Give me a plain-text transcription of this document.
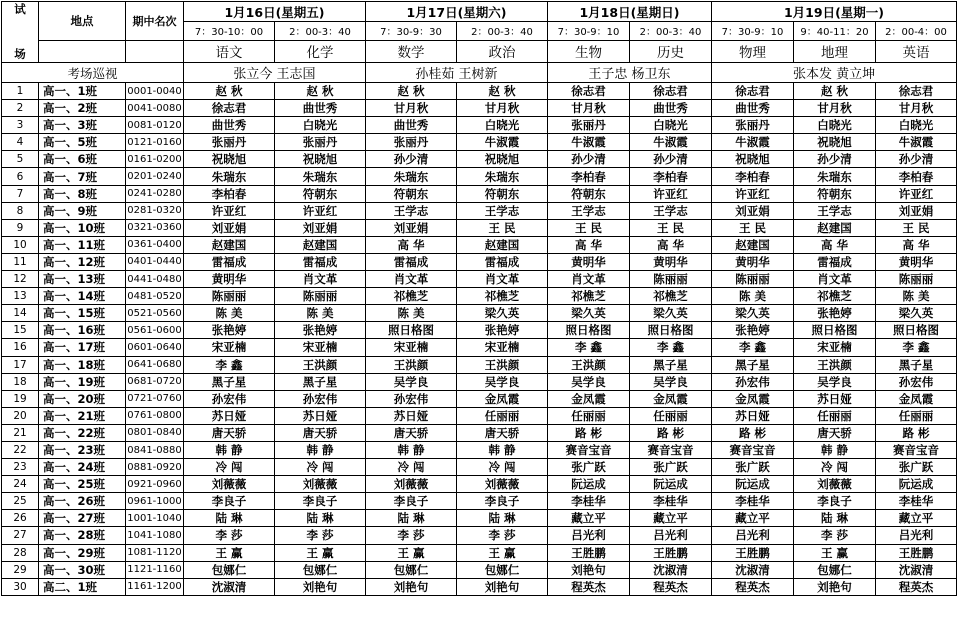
试

场	地点	期中名次	1月16日(星期五)		1月17日(星期六)		1月18日(星期日)		1月19日(星期一)		
			7：30-10：00	2：00-3：40	7：30-9：30	2：00-3：40	7：30-9：10	2：00-3：40	7：30-9：10	9：40-11：20	2：00-4：00
			语文	化学	数学	政治	生物	历史	物理	地理	英语
考场巡视			张立今 王志国		孙桂茹 王树新		王子忠 杨卫东		张本发 黄立坤		
1	高一、1班	0001-0040	赵 秋	赵 秋	赵 秋	赵 秋	徐志君	徐志君	徐志君	赵 秋	徐志君
2	高一、2班	0041-0080	徐志君	曲世秀	甘月秋	甘月秋	甘月秋	曲世秀	曲世秀	甘月秋	甘月秋
3	高一、3班	0081-0120	曲世秀	白晓光	曲世秀	白晓光	张丽丹	白晓光	张丽丹	白晓光	白晓光
4	高一、5班	0121-0160	张丽丹	张丽丹	张丽丹	牛淑霞	牛淑霞	牛淑霞	牛淑霞	祝晓旭	牛淑霞
5	高一、6班	0161-0200	祝晓旭	祝晓旭	孙少清	祝晓旭	孙少清	孙少清	祝晓旭	孙少清	孙少清
6	高一、7班	0201-0240	朱瑞东	朱瑞东	朱瑞东	朱瑞东	李柏春	李柏春	李柏春	朱瑞东	李柏春
7	高一、8班	0241-0280	李柏春	符朝东	符朝东	符朝东	符朝东	许亚红	许亚红	符朝东	许亚红
8	高一、9班	0281-0320	许亚红	许亚红	王学志	王学志	王学志	王学志	刘亚娟	王学志	刘亚娟
9	高一、10班	0321-0360	刘亚娟	刘亚娟	刘亚娟	王 民	王 民	王 民	王 民	赵建国	王 民
10	高一、11班	0361-0400	赵建国	赵建国	高 华	赵建国	高 华	高 华	赵建国	高 华	高 华
11	高一、12班	0401-0440	雷福成	雷福成	雷福成	雷福成	黄明华	黄明华	黄明华	雷福成	黄明华
12	高一、13班	0441-0480	黄明华	肖文革	肖文革	肖文革	肖文革	陈丽丽	陈丽丽	肖文革	陈丽丽
13	高一、14班	0481-0520	陈丽丽	陈丽丽	祁樵芝	祁樵芝	祁樵芝	祁樵芝	陈 美	祁樵芝	陈 美
14	高一、15班	0521-0560	陈 美	陈 美	陈 美	梁久英	梁久英	梁久英	梁久英	张艳婷	梁久英
15	高一、16班	0561-0600	张艳婷	张艳婷	照日格图	张艳婷	照日格图	照日格图	张艳婷	照日格图	照日格图
16	高一、17班	0601-0640	宋亚楠	宋亚楠	宋亚楠	宋亚楠	李 鑫	李 鑫	李 鑫	宋亚楠	李 鑫
17	高一、18班	0641-0680	李 鑫	王洪颜	王洪颜	王洪颜	王洪颜	黑子星	黑子星	王洪颜	黑子星
18	高一、19班	0681-0720	黑子星	黑子星	吴学良	吴学良	吴学良	吴学良	孙宏伟	吴学良	孙宏伟
19	高一、20班	0721-0760	孙宏伟	孙宏伟	孙宏伟	金凤霞	金凤霞	金凤霞	金凤霞	苏日娅	金凤霞
20	高一、21班	0761-0800	苏日娅	苏日娅	苏日娅	任丽丽	任丽丽	任丽丽	苏日娅	任丽丽	任丽丽
21	高一、22班	0801-0840	唐天骄	唐天骄	唐天骄	唐天骄	路 彬	路 彬	路 彬	唐天骄	路 彬
22	高一、23班	0841-0880	韩 静	韩 静	韩 静	韩 静	赛音宝音	赛音宝音	赛音宝音	韩 静	赛音宝音
23	高一、24班	0881-0920	冷 闯	冷 闯	冷 闯	冷 闯	张广跃	张广跃	张广跃	冷 闯	张广跃
24	高一、25班	0921-0960	刘薇薇	刘薇薇	刘薇薇	刘薇薇	阮运成	阮运成	阮运成	刘薇薇	阮运成
25	高一、26班	0961-1000	李良子	李良子	李良子	李良子	李桂华	李桂华	李桂华	李良子	李桂华
26	高一、27班	1001-1040	陆 琳	陆 琳	陆 琳	陆 琳	藏立平	藏立平	藏立平	陆 琳	藏立平
27	高一、28班	1041-1080	李 莎	李 莎	李 莎	李 莎	吕光利	吕光利	吕光利	李 莎	吕光利
28	高一、29班	1081-1120	王 赢	王 赢	王 赢	王 赢	王胜鹏	王胜鹏	王胜鹏	王 赢	王胜鹏
29	高一、30班	1121-1160	包娜仁	包娜仁	包娜仁	包娜仁	刘艳句	沈淑清	沈淑清	包娜仁	沈淑清
30	高二、1班	1161-1200	沈淑清	刘艳句	刘艳句	刘艳句	程英杰	程英杰	程英杰	刘艳句	程英杰
